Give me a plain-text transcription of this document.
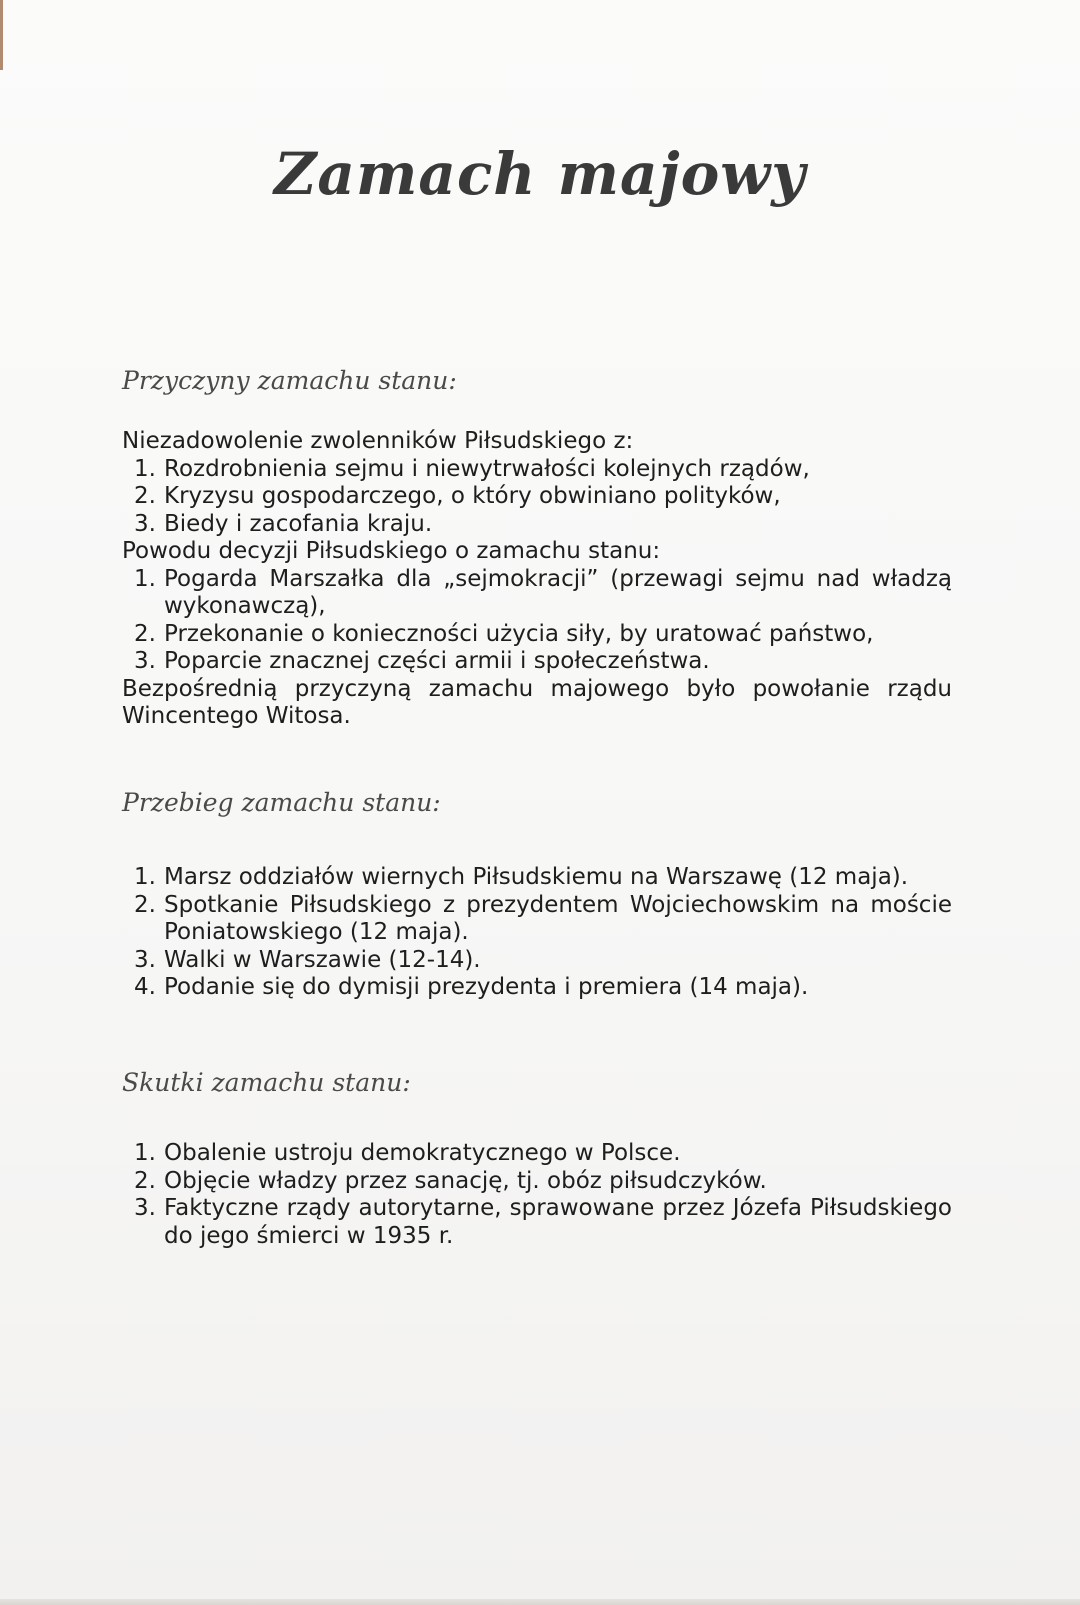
Zamach majowy
Przyczyny zamachu stanu:
Niezadowolenie zwolenników Piłsudskiego z:
1. Rozdrobnienia sejmu i niewytrwałości kolejnych rządów,
2. Kryzysu gospodarczego, o który obwiniano polityków,
3. Biedy i zacofania kraju.
Powodu decyzji Piłsudskiego o zamachu stanu:
1. Pogarda Marszałka dla „sejmokracji” (przewagi sejmu nad władzą wykonawczą),
2. Przekonanie o konieczności użycia siły, by uratować państwo,
3. Poparcie znacznej części armii i społeczeństwa.

Bezpośrednią przyczyną zamachu majowego było powołanie rządu Wincentego Witosa.

Przebieg zamachu stanu:
1. Marsz oddziałów wiernych Piłsudskiemu na Warszawę (12 maja).
2. Spotkanie Piłsudskiego z prezydentem Wojciechowskim na moście Poniatowskiego (12 maja).
3. Walki w Warszawie (12-14).
4. Podanie się do dymisji prezydenta i premiera (14 maja).
Skutki zamachu stanu:
1. Obalenie ustroju demokratycznego w Polsce.
2. Objęcie władzy przez sanację, tj. obóz piłsudczyków.
3. Faktyczne rządy autorytarne, sprawowane przez Józefa Piłsudskiego do jego śmierci w 1935 r.
